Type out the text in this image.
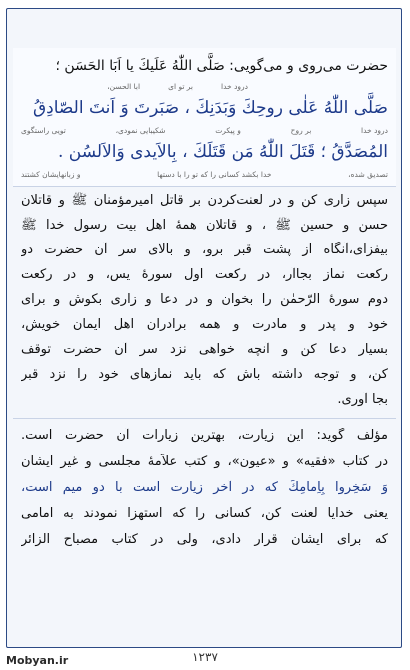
حضرت می‌روی و می‌گویی: صَلَّى اللّٰهُ عَلَيكَ يا اَبَا الحَسَن ؛
درود خدا
بر تو ای
ابا الحسن،
صَلَّى اللّٰهُ عَلٰى روحِكَ وَبَدَنِكَ ، صَبَرتَ وَ اَنتَ الصّادِقُ
درود خدا
بر روح
و پیکرت
شکیبایی نمودی،
تویی راستگوی
المُصَدَّقُ ؛ قَتَلَ اللّٰهُ مَن قَتَلَكَ ، بِالاَيدى وَالاَلسُن .
تصدیق شده،
خدا بکشد کسانی را که تو را با دستها
و زبانهایشان کشتند
سپس زاری کن و در لعنت‌کردن بر قاتل امیرمؤمنان ﷺ و قاتلان
حسن و حسین ﷺ ، و قاتلان همهٔ اهل بیت رسول خدا ﷺ
بیفزای،آنگاه از پشت قبر برو، و بالای سر آن حضرت دو
رکعت نماز بجاآر، در رکعت اول سورهٔ یس، و در رکعت
دوم سورهٔ الرّحمٰن را بخوان و در دعا و زاری بکوش و برای
خود و پدر و مادرت و همه برادران اهل ایمان خویش،
بسیار دعا کن و آنچه خواهی نزد سر آن حضرت توقف
کن، و توجه داشته باش که باید نمازهای خود را نزد قبر
بجا آوری.
مؤلّف گوید: این زیارت، بهترین زیارات آن حضرت است.
در کتاب «فقیه» و «عیون»، و کتب علاّمهٔ مجلسی و غیر ایشان
وَ سَخِروا بِاِمامِكَ که در آخر زیارت است با دو میم است،
یعنی خدایا لعنت کن، کسانی را که استهزا نمودند به امامی
که برای ایشان قرار دادی، ولی در کتاب مصباح الزائر
۱۲۳۷
Mobyan.ir
